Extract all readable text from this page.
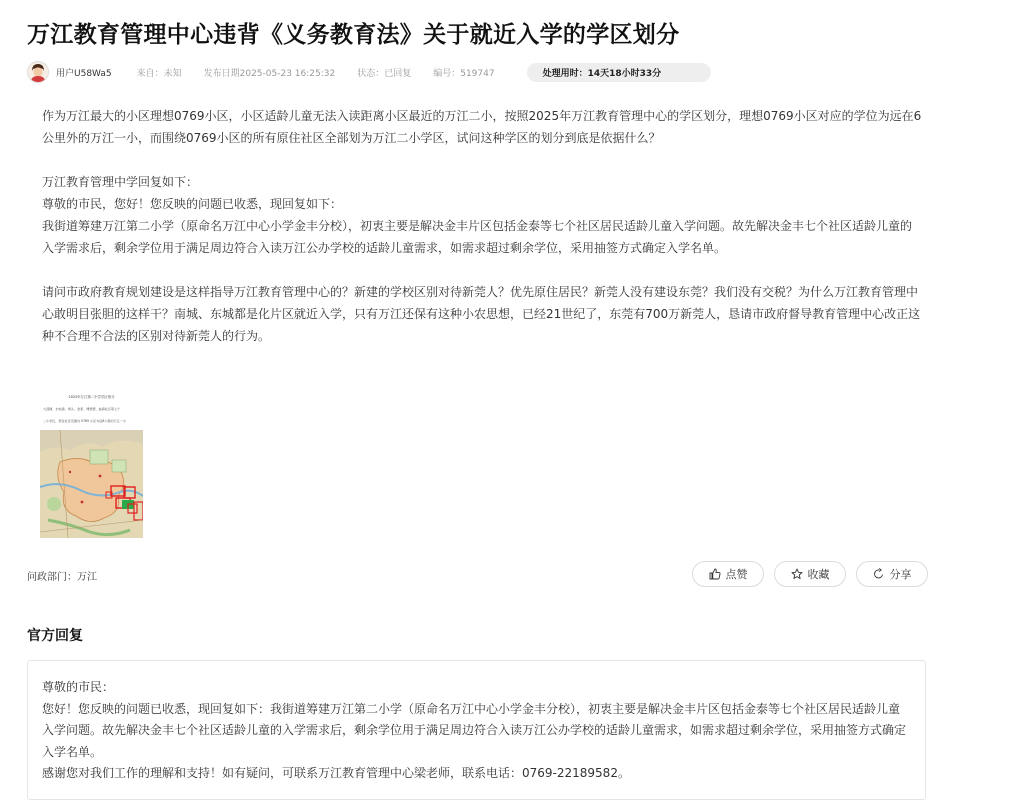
万江教育管理中心违背《义务教育法》关于就近入学的学区划分
用户U58Wa5	来自：未知 发布日期2025-05-23 16:25:32 状态：已回复 编号：519747	处理用时：14天18小时33分

作为万江最大的小区理想0769小区，小区适龄儿童无法入读距离小区最近的万江二小，按照2025年万江教育管理中心的学区划分，理想0769小区对应的学位为远在6公里外的万江一小，而围绕0769小区的所有原住社区全部划为万江二小学区，试问这种学区的划分到底是依据什么？

万江教育管理中学回复如下：

尊敬的市民，您好！您反映的问题已收悉，现回复如下：

我街道筹建万江第二小学（原命名万江中心小学金丰分校），初衷主要是解决金丰片区包括金泰等七个社区居民适龄儿童入学问题。故先解决金丰七个社区适龄儿童的入学需求后，剩余学位用于满足周边符合入读万江公办学校的适龄儿童需求，如需求超过剩余学位，采用抽签方式确定入学名单。

请问市政府教育规划建设是这样指导万江教育管理中心的？新建的学校区别对待新莞人？优先原住居民？新莞人没有建设东莞？我们没有交税？为什么万江教育管理中心敢明目张胆的这样干？南城、东城都是化片区就近入学，只有万江还保有这种小农思想，已经21世纪了，东莞有700万新莞人，恳请市政府督导教育管理中心改正这种不合理不合法的区别对待新莞人的行为。

2025年万江第二小学学区划分
大莲塘、水蛇涌、坝头、金泰、博德德、曲海社区等七个
二小学位，原住社区范围内 0769 小区为远6公里的万江一小
问政部门：万江	点赞	收藏	分享
官方回复

尊敬的市民：

您好！您反映的问题已收悉，现回复如下：我街道筹建万江第二小学（原命名万江中心小学金丰分校），初衷主要是解决金丰片区包括金泰等七个社区居民适龄儿童入学问题。故先解决金丰七个社区适龄儿童的入学需求后，剩余学位用于满足周边符合入读万江公办学校的适龄儿童需求，如需求超过剩余学位，采用抽签方式确定入学名单。

感谢您对我们工作的理解和支持！如有疑问，可联系万江教育管理中心梁老师，联系电话：0769-22189582。
